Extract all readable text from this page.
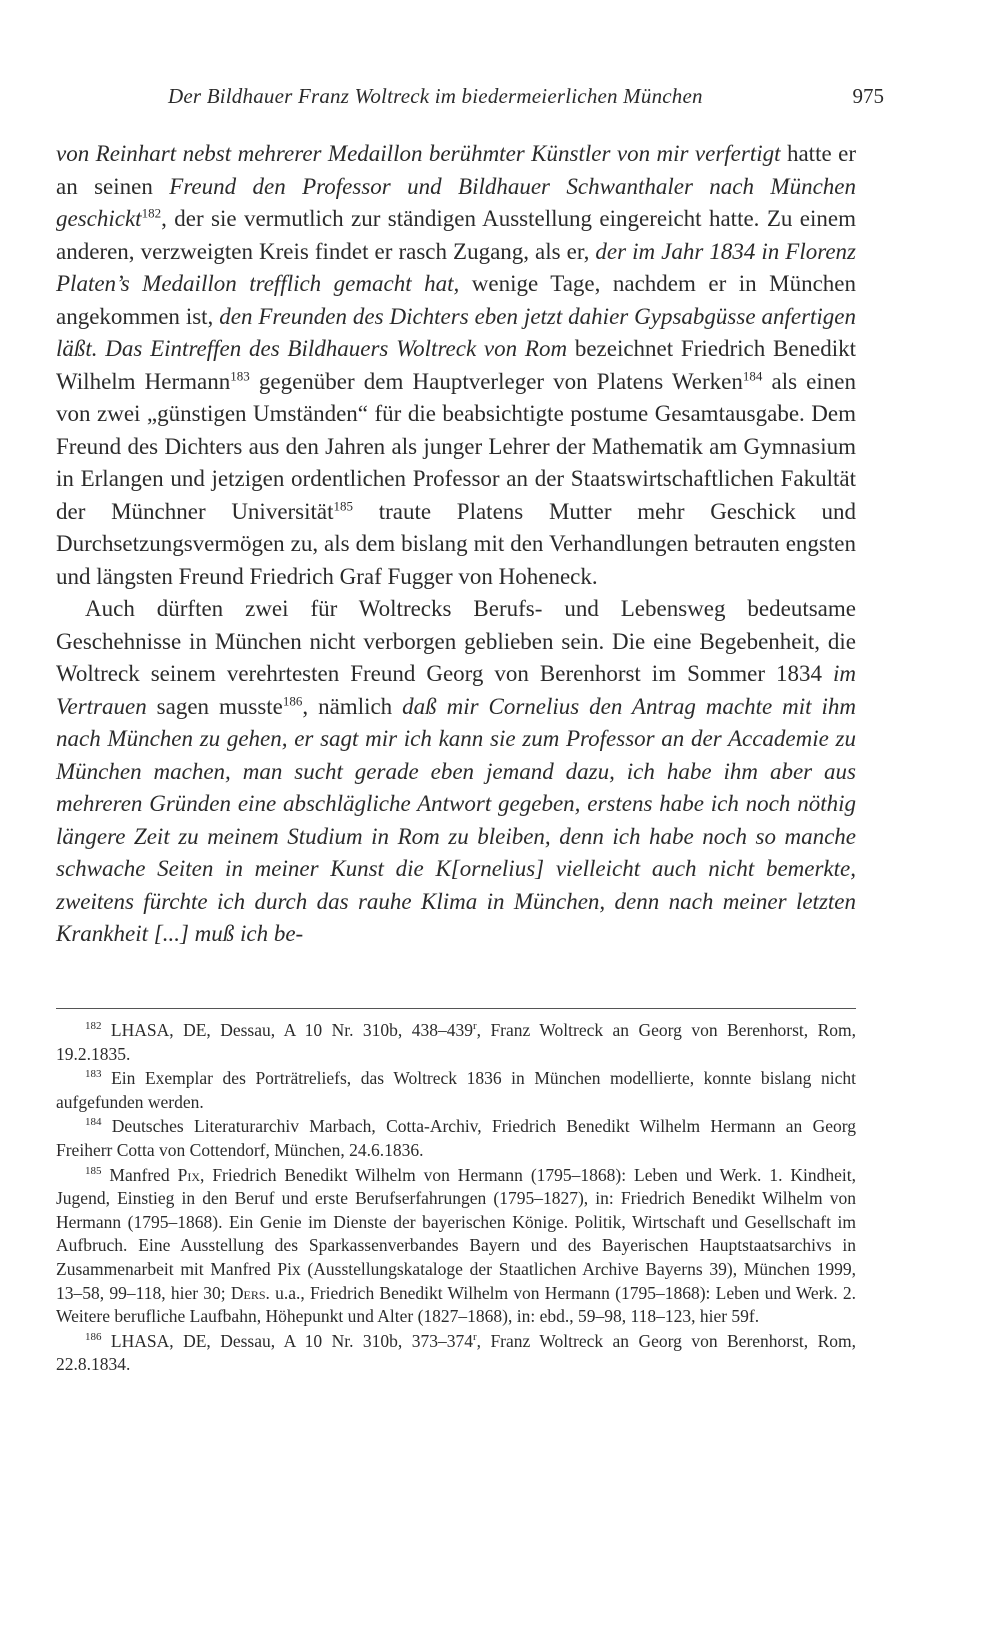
Der Bildhauer Franz Woltreck im biedermeierlichen München	975

von Reinhart nebst mehrerer Medaillon berühmter Künstler von mir verfertigt hatte er an seinen Freund den Professor und Bildhauer Schwanthaler nach München geschickt$^{182}$, der sie vermutlich zur ständigen Ausstellung eingereicht hatte. Zu einem anderen, verzweigten Kreis findet er rasch Zugang, als er, der im Jahr 1834 in Florenz Platen’s Medaillon trefflich gemacht hat, wenige Tage, nachdem er in München angekommen ist, den Freunden des Dichters eben jetzt dahier Gypsabgüsse anfertigen läßt. Das Eintreffen des Bildhauers Woltreck von Rom bezeichnet Friedrich Benedikt Wilhelm Hermann$^{183}$ gegenüber dem Hauptverleger von Platens Werken$^{184}$ als einen von zwei „günstigen Umständen“ für die beabsichtigte postume Gesamtausgabe. Dem Freund des Dichters aus den Jahren als junger Lehrer der Mathematik am Gymnasium in Erlangen und jetzigen ordentlichen Professor an der Staatswirtschaftlichen Fakultät der Münchner Universität$^{185}$ traute Platens Mutter mehr Geschick und Durchsetzungsvermögen zu, als dem bislang mit den Verhandlungen betrauten engsten und längsten Freund Friedrich Graf Fugger von Hoheneck.

Auch dürften zwei für Woltrecks Berufs- und Lebensweg bedeutsame Geschehnisse in München nicht verborgen geblieben sein. Die eine Begebenheit, die Woltreck seinem verehrtesten Freund Georg von Berenhorst im Sommer 1834 im Vertrauen sagen musste$^{186}$, nämlich daß mir Cornelius den Antrag machte mit ihm nach München zu gehen, er sagt mir ich kann sie zum Professor an der Accademie zu München machen, man sucht gerade eben jemand dazu, ich habe ihm aber aus mehreren Gründen eine abschlägliche Antwort gegeben, erstens habe ich noch nöthig längere Zeit zu meinem Studium in Rom zu bleiben, denn ich habe noch so manche schwache Seiten in meiner Kunst die K[ornelius] vielleicht auch nicht bemerkte, zweitens fürchte ich durch das rauhe Klima in München, denn nach meiner letzten Krankheit [...] muß ich be-

$^{182}$ LHASA, DE, Dessau, A 10 Nr. 310b, 438–439$^r$, Franz Woltreck an Georg von Berenhorst, Rom, 19.2.1835.

$^{183}$ Ein Exemplar des Porträtreliefs, das Woltreck 1836 in München modellierte, konnte bislang nicht aufgefunden werden.

$^{184}$ Deutsches Literaturarchiv Marbach, Cotta-Archiv, Friedrich Benedikt Wilhelm Hermann an Georg Freiherr Cotta von Cottendorf, München, 24.6.1836.

$^{185}$ Manfred Pix, Friedrich Benedikt Wilhelm von Hermann (1795–1868): Leben und Werk. 1. Kindheit, Jugend, Einstieg in den Beruf und erste Berufserfahrungen (1795–1827), in: Friedrich Benedikt Wilhelm von Hermann (1795–1868). Ein Genie im Dienste der bayerischen Könige. Politik, Wirtschaft und Gesellschaft im Aufbruch. Eine Ausstellung des Sparkassenverbandes Bayern und des Bayerischen Hauptstaatsarchivs in Zusammenarbeit mit Manfred Pix (Ausstellungskataloge der Staatlichen Archive Bayerns 39), München 1999, 13–58, 99–118, hier 30; Ders. u.a., Friedrich Benedikt Wilhelm von Hermann (1795–1868): Leben und Werk. 2. Weitere berufliche Laufbahn, Höhepunkt und Alter (1827–1868), in: ebd., 59–98, 118–123, hier 59f.

$^{186}$ LHASA, DE, Dessau, A 10 Nr. 310b, 373–374$^r$, Franz Woltreck an Georg von Berenhorst, Rom, 22.8.1834.
